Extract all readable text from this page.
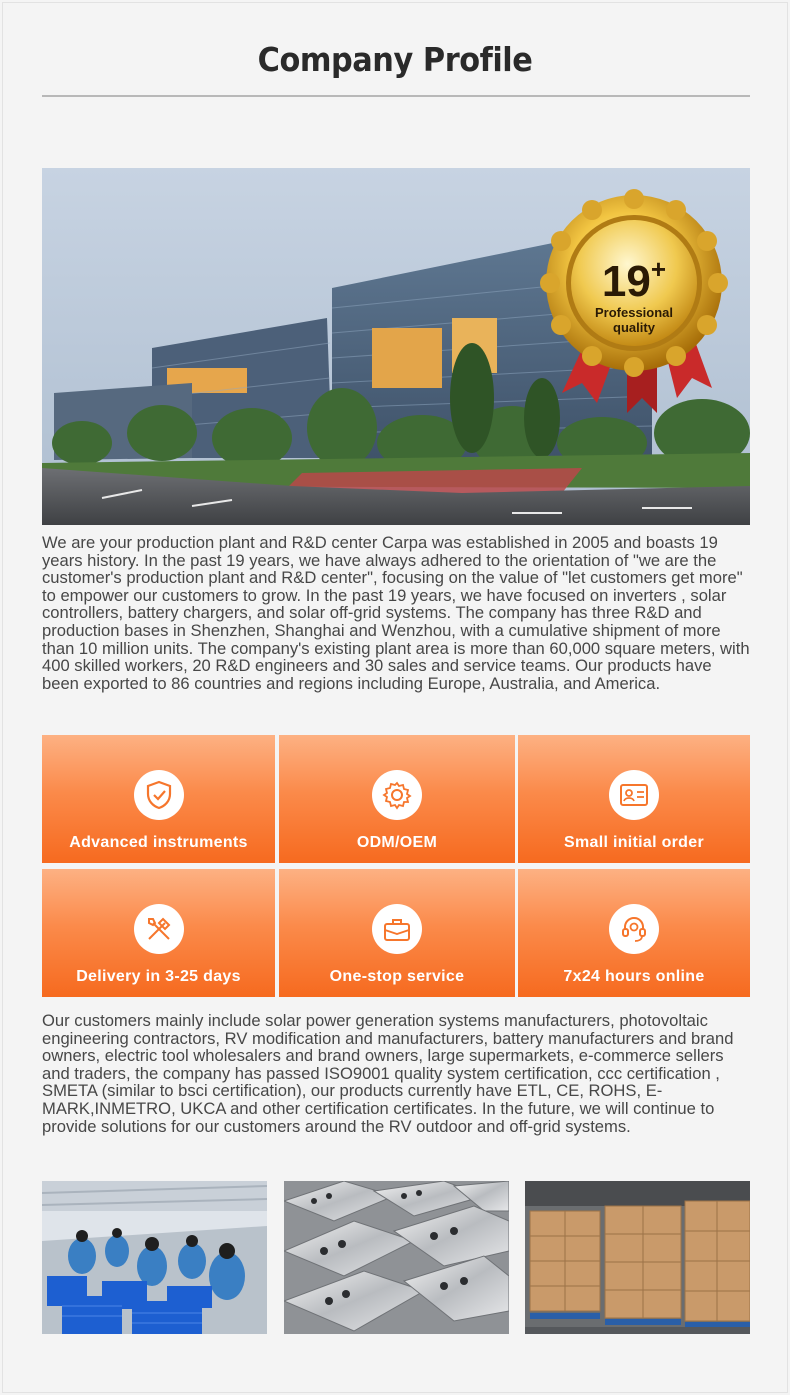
Company Profile
19+
Professional
quality

We are your production plant and R&D center Carpa was established in 2005 and boasts 19 years history. In the past 19 years, we have always adhered to the orientation of "we are the customer's production plant and R&D center", focusing on the value of "let customers get more" to empower our customers to grow. In the past 19 years, we have focused on inverters , solar controllers, battery chargers, and solar off-grid systems. The company has three R&D and production bases in Shenzhen, Shanghai and Wenzhou, with a cumulative shipment of more than 10 million units. The company's existing plant area is more than 60,000 square meters, with 400 skilled workers, 20 R&D engineers and 30 sales and service teams. Our products have been exported to 86 countries and regions including Europe, Australia, and America.

Advanced instruments	ODM/OEM	Small initial order
Delivery in 3-25 days	One-stop service	7x24 hours online

Our customers mainly include solar power generation systems manufacturers, photovoltaic engineering contractors, RV modification and manufacturers, battery manufacturers and brand owners, electric tool wholesalers and brand owners, large supermarkets, e-commerce sellers and traders, the company has passed ISO9001 quality system certification, ccc certification , SMETA (similar to bsci certification), our products currently have ETL, CE, ROHS, E-MARK,INMETRO, UKCA and other certification certificates. In the future, we will continue to provide solutions for our customers around the RV outdoor and off-grid systems.
